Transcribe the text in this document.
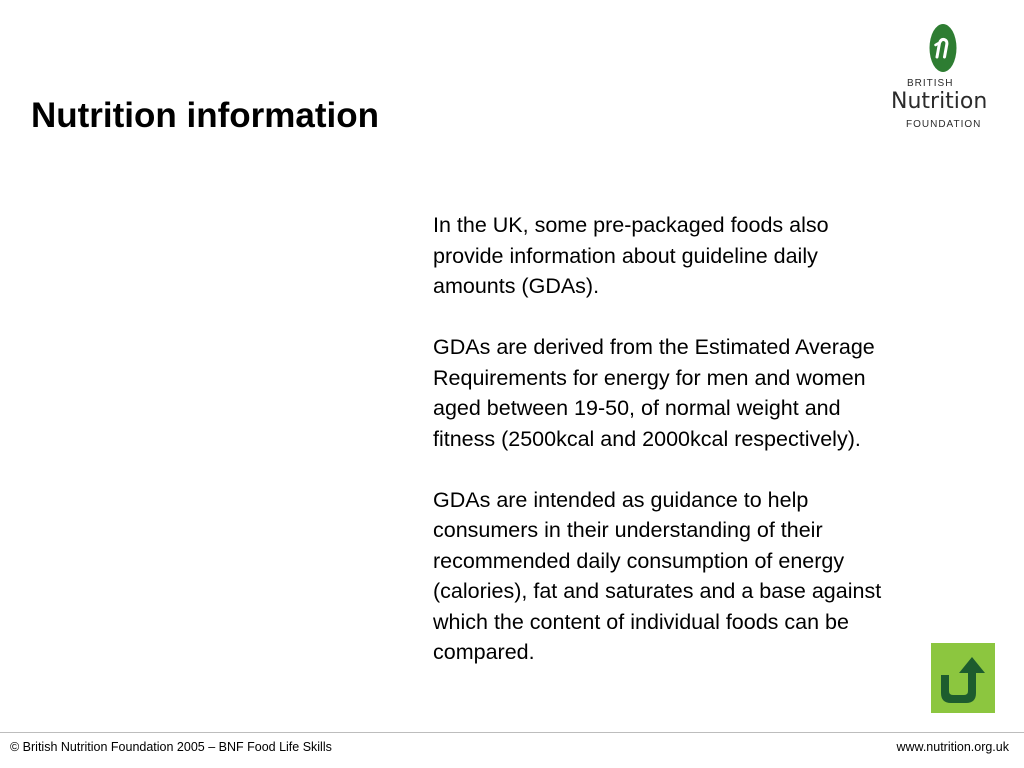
Nutrition information
BRITISH
Nutrition
FOUNDATION

In the UK, some pre-packaged foods also
provide information about guideline daily
amounts (GDAs).

GDAs are derived from the Estimated Average
Requirements for energy for men and women
aged between 19-50, of normal weight and
fitness (2500kcal and 2000kcal respectively).

GDAs are intended as guidance to help
consumers in their understanding of their
recommended daily consumption of energy
(calories), fat and saturates and a base against
which the content of individual foods can be
compared.

© British Nutrition Foundation 2005 – BNF Food Life Skills	www.nutrition.org.uk
